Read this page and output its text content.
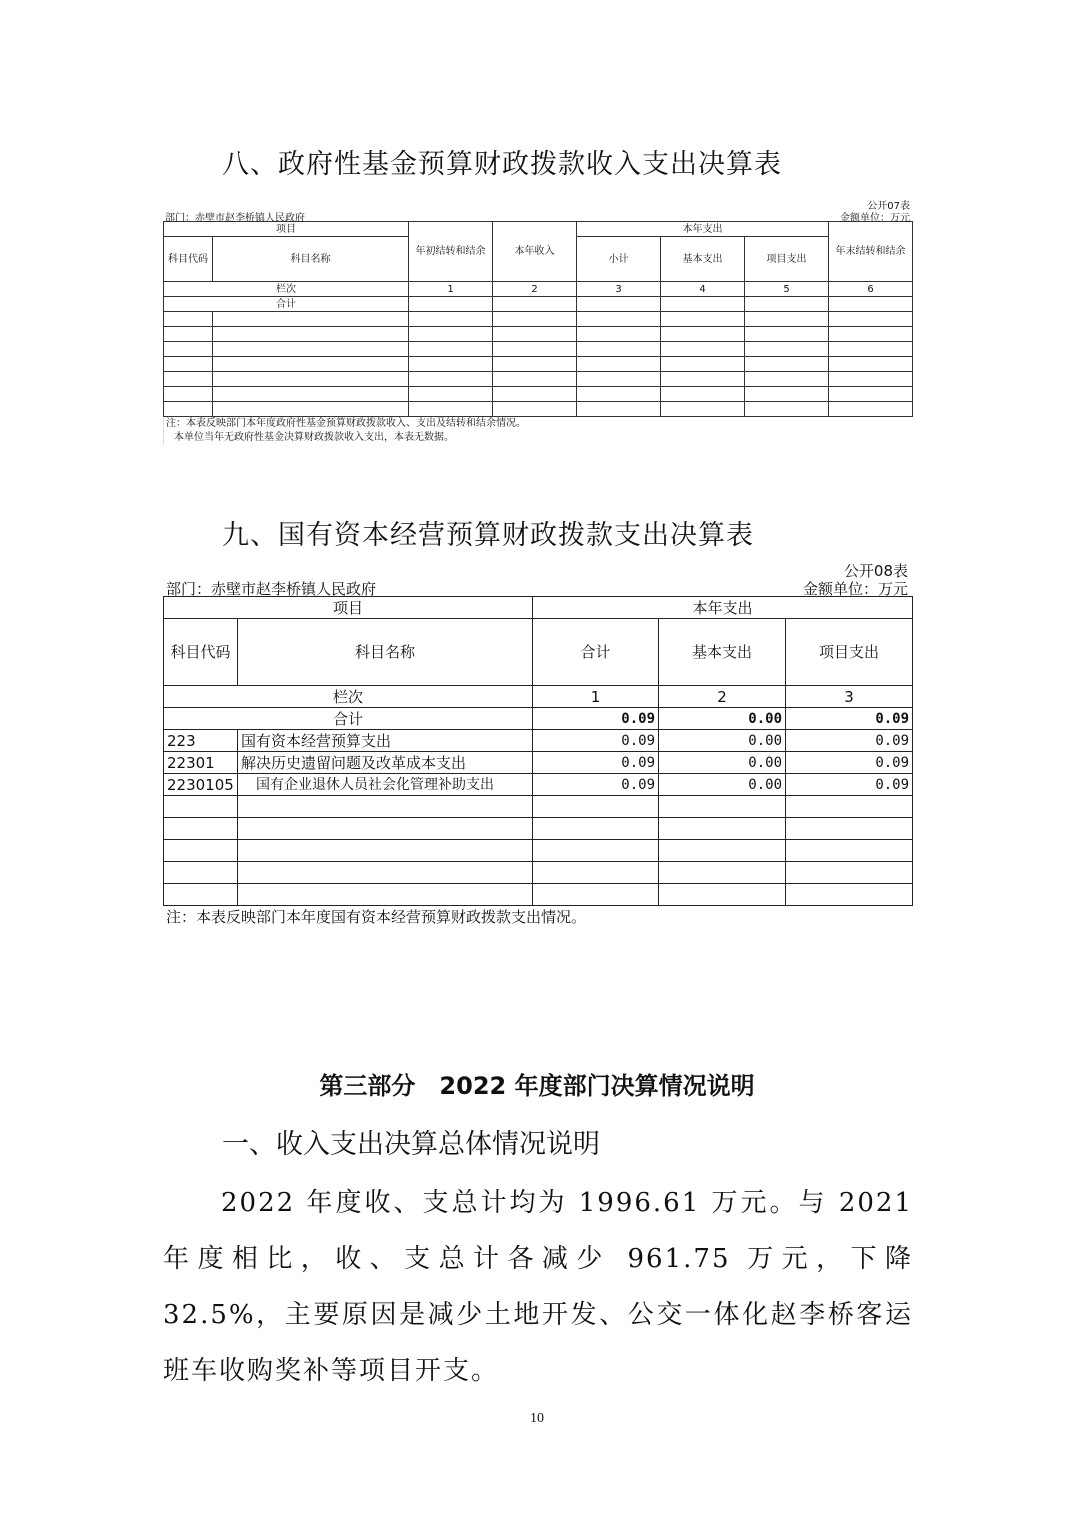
八、政府性基金预算财政拨款收入支出决算表
公开07表
部门：赤壁市赵李桥镇人民政府	金额单位：万元
项目		年初结转和结余	本年收入	本年支出			年末结转和结余
科目代码	科目名称			小计	基本支出	项目支出	
栏次		1	2	3	4	5	6
合计							

注：本表反映部门本年度政府性基金预算财政拨款收入、支出及结转和结余情况。
本单位当年无政府性基金决算财政拨款收入支出，本表无数据。
九、国有资本经营预算财政拨款支出决算表
公开08表
部门：赤壁市赵李桥镇人民政府	金额单位：万元
项目		本年支出		
科目代码	科目名称	合计	基本支出	项目支出
栏次		1	2	3
合计		0.09	0.00	0.09
223	国有资本经营预算支出	0.09	0.00	0.09
22301	解决历史遗留问题及改革成本支出	0.09	0.00	0.09
2230105	国有企业退休人员社会化管理补助支出	0.09	0.00	0.09

注：本表反映部门本年度国有资本经营预算财政拨款支出情况。
第三部分　2022 年度部门决算情况说明
一、收入支出决算总体情况说明
2022 年度收、支总计均为 1996.61 万元。与 2021 年度相比，收、支总计各减少 961.75 万元，下降 32.5%，主要原因是减少土地开发、公交一体化赵李桥客运班车收购奖补等项目开支。
10
